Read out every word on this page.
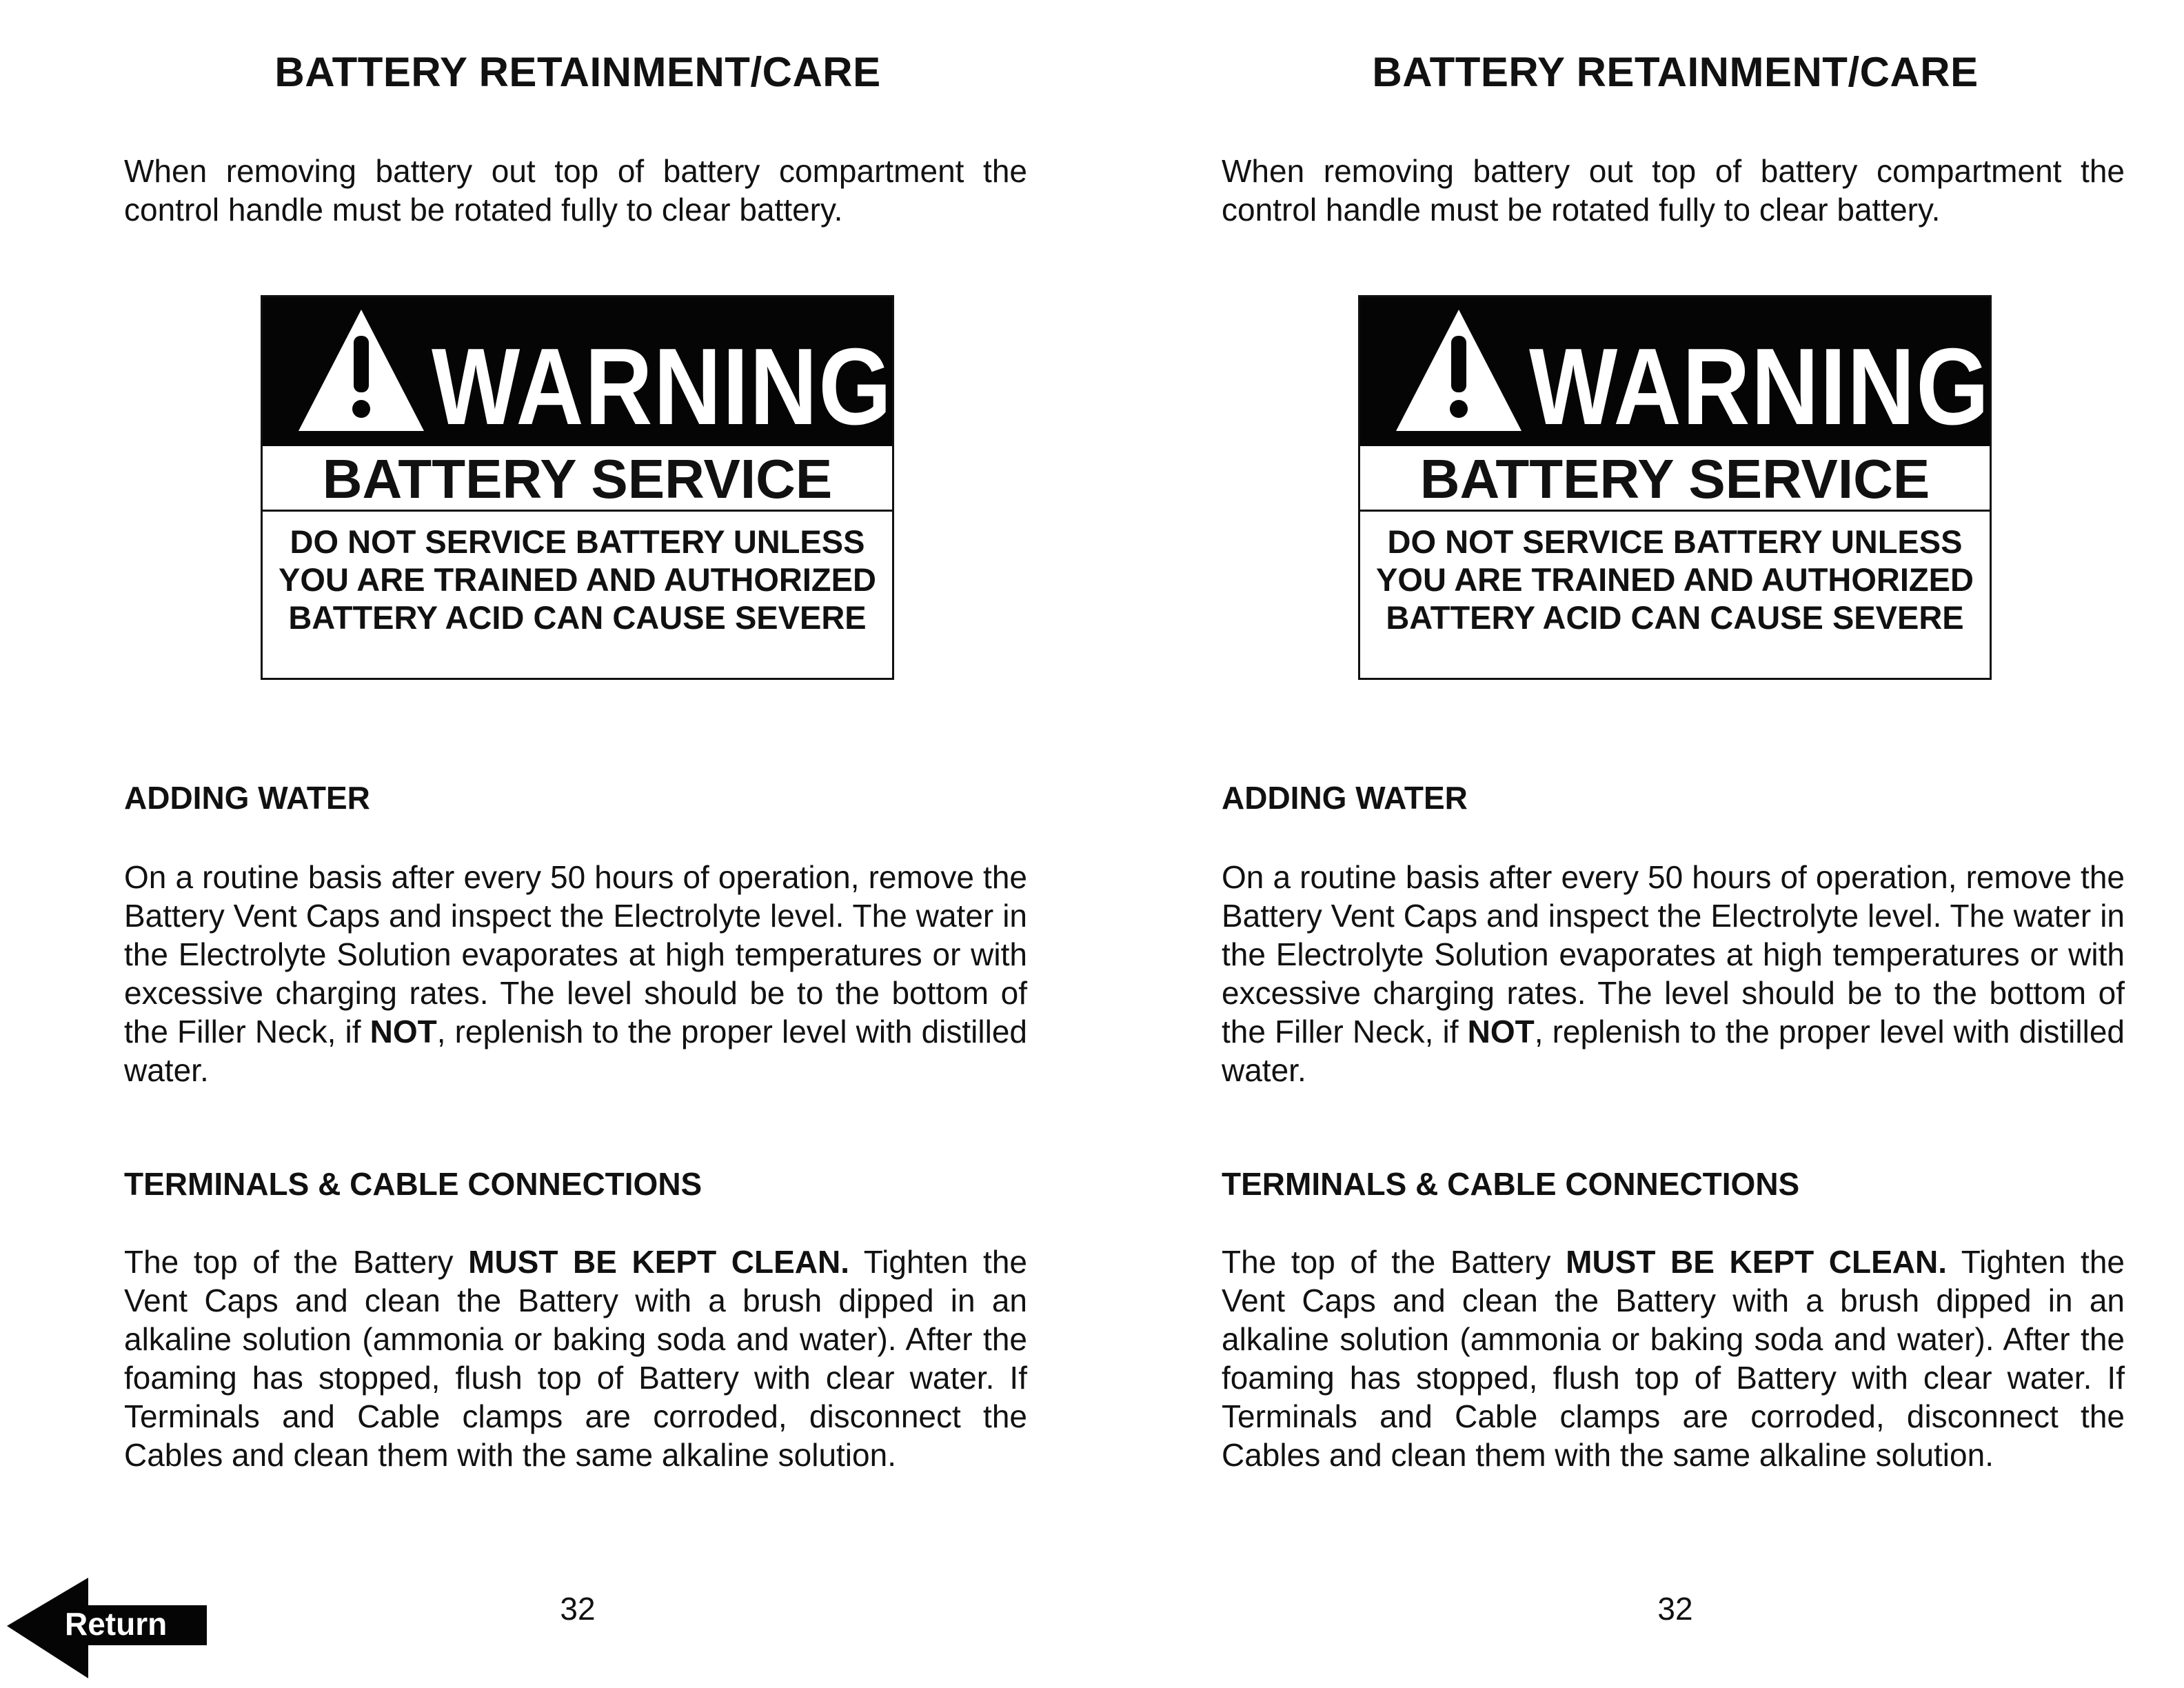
BATTERY RETAINMENT/CARE
When removing battery out top of battery compartment the control handle must be rotated fully to clear battery.
WARNING
BATTERY SERVICE
DO NOT SERVICE BATTERY UNLESS
YOU ARE TRAINED AND AUTHORIZED
BATTERY ACID CAN CAUSE SEVERE
ADDING WATER
On a routine basis after every 50 hours of operation, remove the Battery Vent Caps and inspect the Electrolyte level. The water in the Electrolyte Solution evaporates at high temperatures or with excessive charging rates. The level should be to the bottom of the Filler Neck, if NOT, replenish to the proper level with distilled water.
TERMINALS & CABLE CONNECTIONS
The top of the Battery MUST BE KEPT CLEAN. Tighten the Vent Caps and clean the Battery with a brush dipped in an alkaline solution (ammonia or baking soda and water). After the foaming has stopped, flush top of Battery with clear water. If Terminals and Cable clamps are corroded, disconnect the Cables and clean them with the same alkaline solution.
32
BATTERY RETAINMENT/CARE
When removing battery out top of battery compartment the control handle must be rotated fully to clear battery.
WARNING
BATTERY SERVICE
DO NOT SERVICE BATTERY UNLESS
YOU ARE TRAINED AND AUTHORIZED
BATTERY ACID CAN CAUSE SEVERE
ADDING WATER
On a routine basis after every 50 hours of operation, remove the Battery Vent Caps and inspect the Electrolyte level. The water in the Electrolyte Solution evaporates at high temperatures or with excessive charging rates. The level should be to the bottom of the Filler Neck, if NOT, replenish to the proper level with distilled water.
TERMINALS & CABLE CONNECTIONS
The top of the Battery MUST BE KEPT CLEAN. Tighten the Vent Caps and clean the Battery with a brush dipped in an alkaline solution (ammonia or baking soda and water). After the foaming has stopped, flush top of Battery with clear water. If Terminals and Cable clamps are corroded, disconnect the Cables and clean them with the same alkaline solution.
32
Return
